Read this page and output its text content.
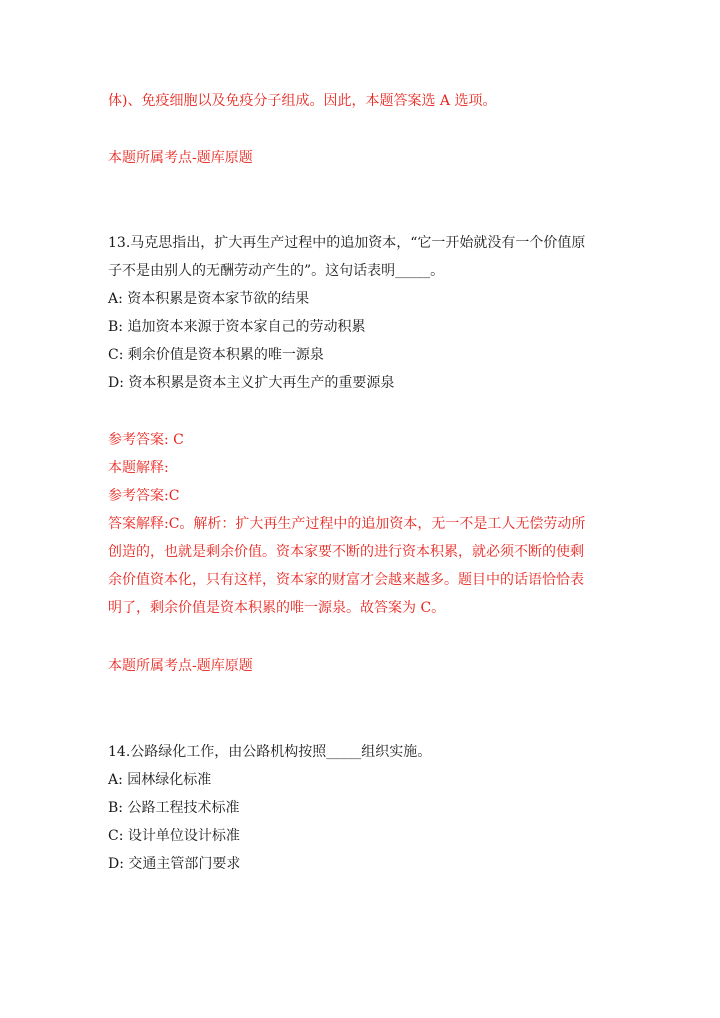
体)、免疫细胞以及免疫分子组成。因此，本题答案选 A 选项。
本题所属考点-题库原题
13.马克思指出，扩大再生产过程中的追加资本，“它一开始就没有一个价值原
子不是由别人的无酬劳动产生的”。这句话表明_____。
A: 资本积累是资本家节欲的结果
B: 追加资本来源于资本家自己的劳动积累
C: 剩余价值是资本积累的唯一源泉
D: 资本积累是资本主义扩大再生产的重要源泉
参考答案: C
本题解释:
参考答案:C
答案解释:C。解析：扩大再生产过程中的追加资本，无一不是工人无偿劳动所
创造的，也就是剩余价值。资本家要不断的进行资本积累，就必须不断的使剩
余价值资本化，只有这样，资本家的财富才会越来越多。题目中的话语恰恰表
明了，剩余价值是资本积累的唯一源泉。故答案为 C。
本题所属考点-题库原题
14.公路绿化工作，由公路机构按照_____组织实施。
A: 园林绿化标准
B: 公路工程技术标准
C: 设计单位设计标准
D: 交通主管部门要求
